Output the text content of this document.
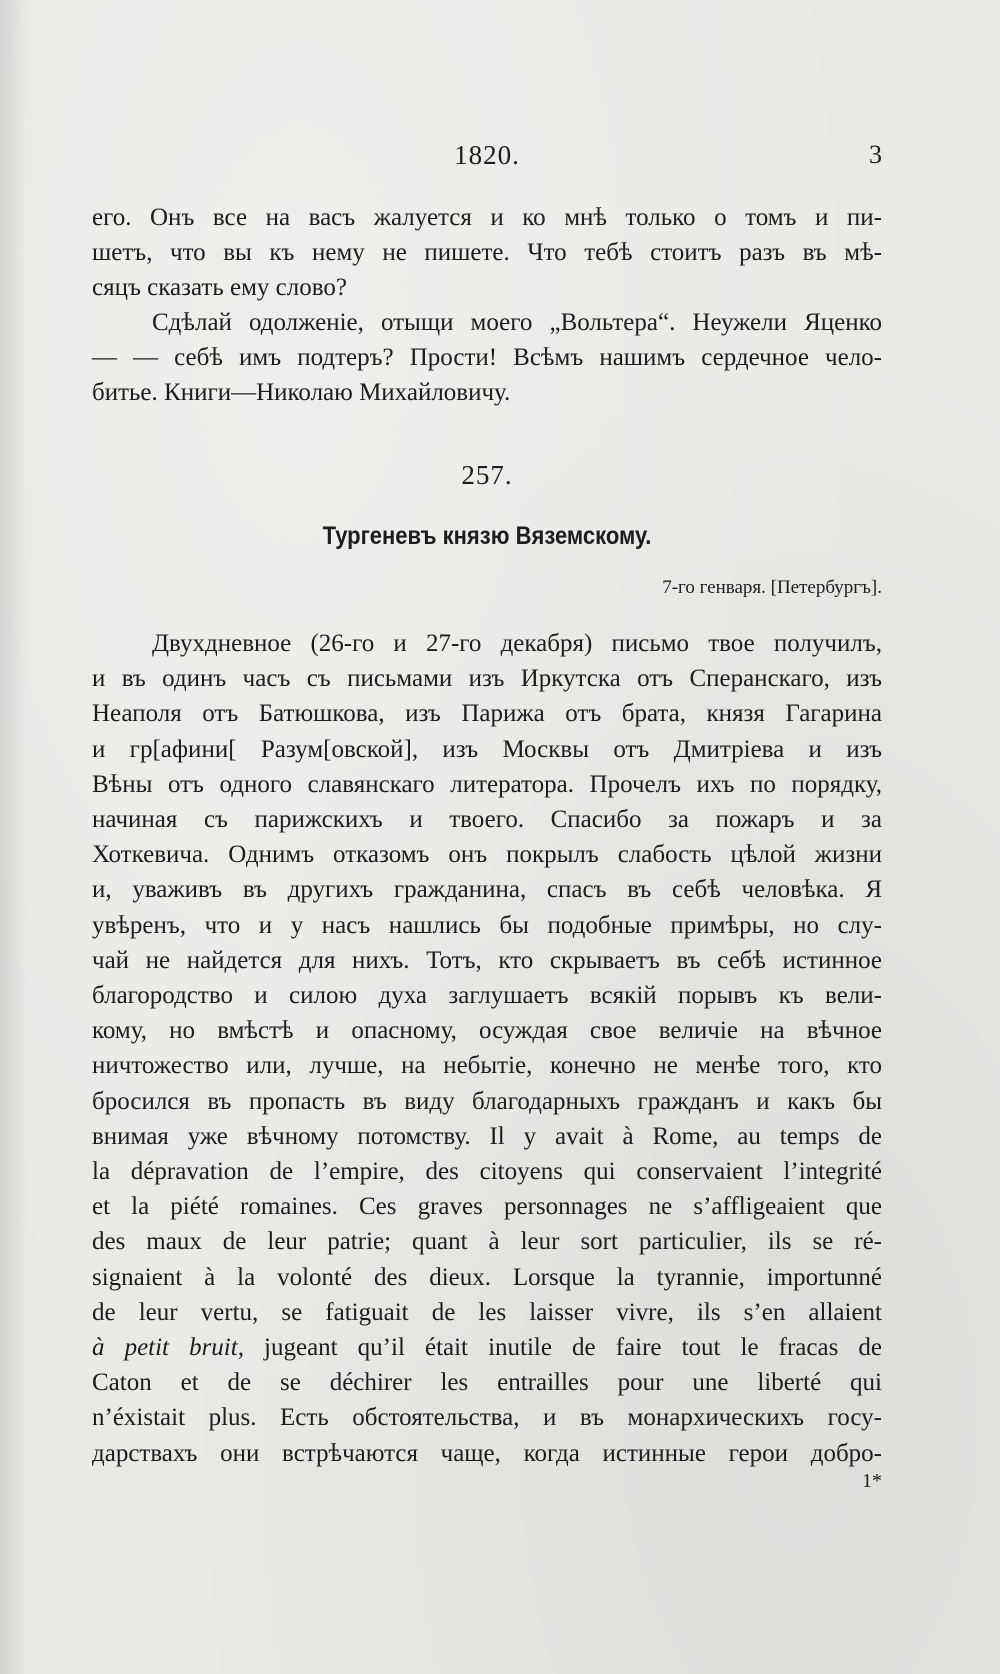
1820.	3

его. Онъ все на васъ жалуется и ко мнѣ только о томъ и пи-

шетъ, что вы къ нему не пишете. Что тебѣ стоитъ разъ въ мѣ-

сяцъ сказать ему слово?

Сдѣлай одолженіе, отыщи моего „Вольтера“. Неужели Яценко

— — себѣ имъ подтеръ? Прости! Всѣмъ нашимъ сердечное чело-

битье. Книги—Николаю Михайловичу.

257.
Тургеневъ князю Вяземскому.
7-го генваря. [Петербургъ].

Двухдневное (26-го и 27-го декабря) письмо твое получилъ,

и въ одинъ часъ съ письмами изъ Иркутска отъ Сперанскаго, изъ

Неаполя отъ Батюшкова, изъ Парижа отъ брата, князя Гагарина

и гр[афини[ Разум[овской], изъ Москвы отъ Дмитріева и изъ

Вѣны отъ одного славянскаго литератора. Прочелъ ихъ по порядку,

начиная съ парижскихъ и твоего. Спасибо за пожаръ и за

Хоткевича. Однимъ отказомъ онъ покрылъ слабость цѣлой жизни

и, уваживъ въ другихъ гражданина, спасъ въ себѣ человѣка. Я

увѣренъ, что и у насъ нашлись бы подобные примѣры, но слу-

чай не найдется для нихъ. Тотъ, кто скрываетъ въ себѣ истинное

благородство и силою духа заглушаетъ всякій порывъ къ вели-

кому, но вмѣстѣ и опасному, осуждая свое величіе на вѣчное

ничтожество или, лучше, на небытіе, конечно не менѣе того, кто

бросился въ пропасть въ виду благодарныхъ гражданъ и какъ бы

внимая уже вѣчному потомству. Il y avait à Rome, au temps de

la dépravation de l’empire, des citoyens qui conservaient l’integrité

et la piété romaines. Ces graves personnages ne s’affligeaient que

des maux de leur patrie; quant à leur sort particulier, ils se ré-

signaient à la volonté des dieux. Lorsque la tyrannie, importunné

de leur vertu, se fatiguait de les laisser vivre, ils s’en allaient

à petit bruit, jugeant qu’il était inutile de faire tout le fracas de

Caton et de se déchirer les entrailles pour une liberté qui

n’éxistait plus. Есть обстоятельства, и въ монархическихъ госу-

дарствахъ они встрѣчаются чаще, когда истинные герои добро-

1*
